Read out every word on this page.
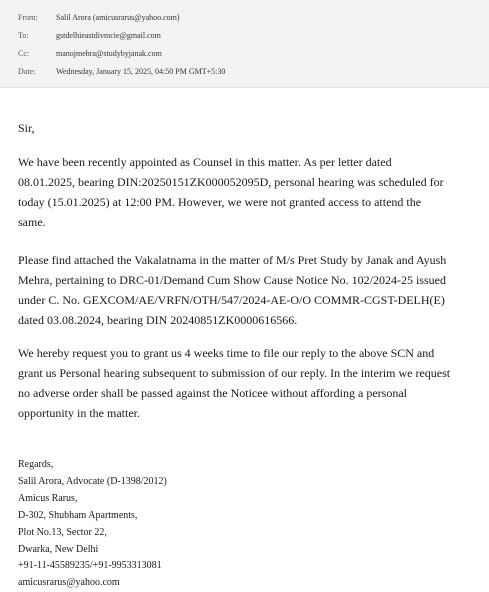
From: Salil Arora (amicusrarus@yahoo.com)
To:	gstdelhieastdivmcie@gmail.com
Cc:	manojmehra@studybyjanak.com
Date:	Wednesday, January 15, 2025, 04:50 PM GMT+5:30
Sir,
We have been recently appointed as Counsel in this matter. As per letter dated
08.01.2025, bearing DIN:20250151ZK000052095D, personal hearing was scheduled for
today (15.01.2025) at 12:00 PM. However, we were not granted access to attend the
same.
Please find attached the Vakalatnama in the matter of M/s Pret Study by Janak and Ayush
Mehra, pertaining to DRC-01/Demand Cum Show Cause Notice No. 102/2024-25 issued
under C. No. GEXCOM/AE/VRFN/OTH/547/2024-AE-O/O COMMR-CGST-DELH(E)
dated 03.08.2024, bearing DIN 20240851ZK0000616566.
We hereby request you to grant us 4 weeks time to file our reply to the above SCN and
grant us Personal hearing subsequent to submission of our reply. In the interim we request
no adverse order shall be passed against the Noticee without affording a personal
opportunity in the matter.
Regards,
Salil Arora, Advocate (D-1398/2012)
Amicus Rarus,
D-302, Shubham Apartments,
Plot No.13, Sector 22,
Dwarka, New Delhi
+91-11-45589235/+91-9953313081
amicusrarus@yahoo.com
